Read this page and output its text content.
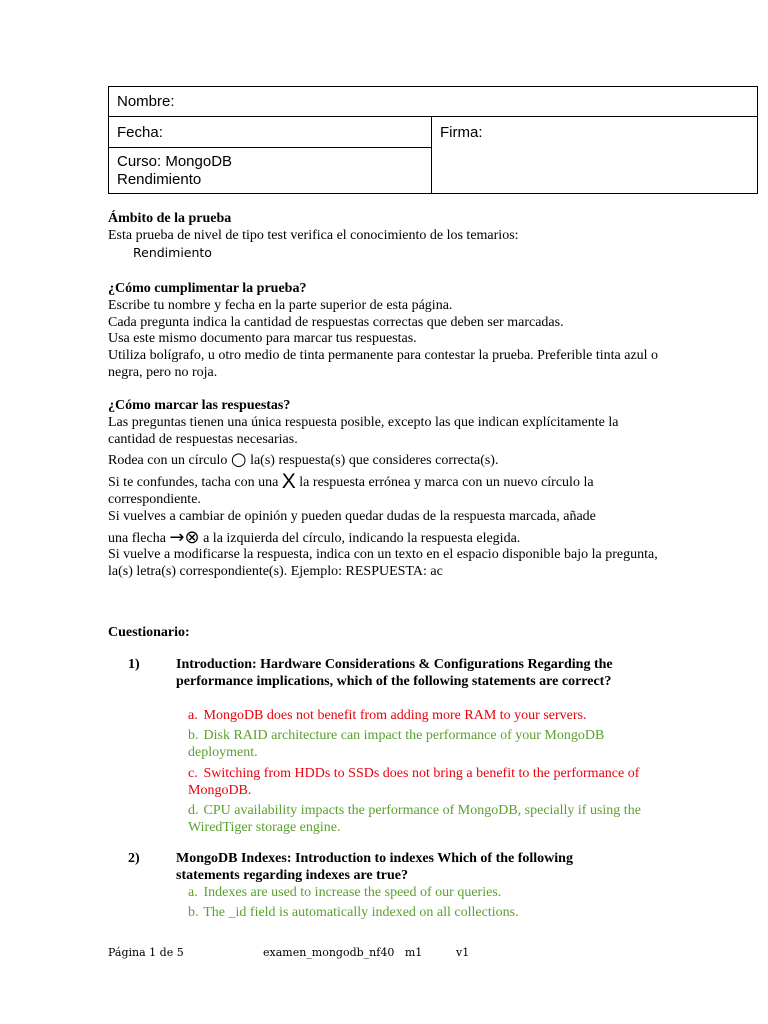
Nombre:
Fecha:	Firma:
Curso: MongoDB
Rendimiento

Ámbito de la prueba

Esta prueba de nivel de tipo test verifica el conocimiento de los temarios:

Rendimiento

¿Cómo cumplimentar la prueba?

Escribe tu nombre y fecha en la parte superior de esta página.

Cada pregunta indica la cantidad de respuestas correctas que deben ser marcadas.

Usa este mismo documento para marcar tus respuestas.

Utiliza bolígrafo, u otro medio de tinta permanente para contestar la prueba. Preferible tinta azul o negra, pero no roja.

¿Cómo marcar las respuestas?

Las preguntas tienen una única respuesta posible, excepto las que indican explícitamente la cantidad de respuestas necesarias.

Rodea con un círculo ○ la(s) respuesta(s) que consideres correcta(s).

Si te confundes, tacha con una X la respuesta errónea y marca con un nuevo círculo la correspondiente.

Si vuelves a cambiar de opinión y pueden quedar dudas de la respuesta marcada, añade

una flecha →⊗ a la izquierda del círculo, indicando la respuesta elegida.

Si vuelve a modificarse la respuesta, indica con un texto en el espacio disponible bajo la pregunta, la(s) letra(s) correspondiente(s). Ejemplo: RESPUESTA: ac

Cuestionario:

1)	Introduction: Hardware Considerations & Configurations Regarding the performance implications, which of the following statements are correct?
a. MongoDB does not benefit from adding more RAM to your servers.
b. Disk RAID architecture can impact the performance of your MongoDB deployment.
c. Switching from HDDs to SSDs does not bring a benefit to the performance of MongoDB.
d. CPU availability impacts the performance of MongoDB, specially if using the WiredTiger storage engine.
2)	MongoDB Indexes: Introduction to indexes Which of the following statements regarding indexes are true?
a. Indexes are used to increase the speed of our queries.
b. The _id field is automatically indexed on all collections.
Página 1 de 5	examen_mongodb_nf40   m1	v1
